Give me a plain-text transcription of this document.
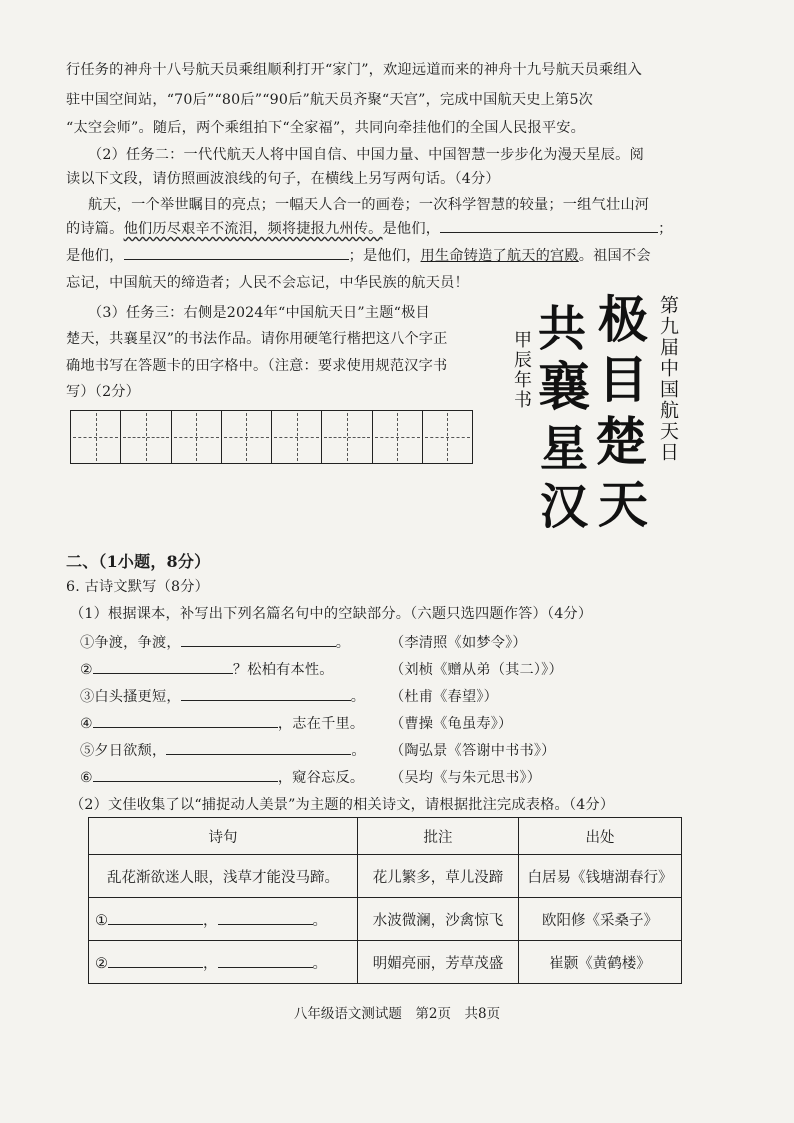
行任务的神舟十八号航天员乘组顺利打开“家门”，欢迎远道而来的神舟十九号航天员乘组入
驻中国空间站，“70后”“80后”“90后”航天员齐聚“天宫”，完成中国航天史上第5次
“太空会师”。随后，两个乘组拍下“全家福”，共同向牵挂他们的全国人民报平安。
（2）任务二：一代代航天人将中国自信、中国力量、中国智慧一步步化为漫天星辰。阅
读以下文段，请仿照画波浪线的句子，在横线上另写两句话。（4分）
航天，一个举世瞩目的亮点；一幅天人合一的画卷；一次科学智慧的较量；一组气壮山河
的诗篇。他们历尽艰辛不流泪，频将捷报九州传。是他们，	；
是他们，	；是他们，用生命铸造了航天的宫殿。祖国不会
忘记，中国航天的缔造者；人民不会忘记，中华民族的航天员！
（3）任务三：右侧是2024年“中国航天日”主题“极目
楚天，共襄星汉”的书法作品。请你用硬笔行楷把这八个字正
确地书写在答题卡的田字格中。（注意：要求使用规范汉字书
写）（2分）
极
目
楚
天
共
襄
星
汉
第九届中国航天日
甲辰年书
二、（1小题，8分）
6. 古诗文默写（8分）
（1）根据课本，补写出下列名篇名句中的空缺部分。（六题只选四题作答）（4分）
①争渡，争渡，	。	（李清照《如梦令》）
②	？松柏有本性。	（刘桢《赠从弟（其二）》）
③白头搔更短，	。 （杜甫《春望》）
④	，志在千里。 （曹操《龟虽寿》）
⑤夕日欲颓，	。 （陶弘景《答谢中书书》）
⑥	，窥谷忘反。 （吴均《与朱元思书》）
（2）文佳收集了以“捕捉动人美景”为主题的相关诗文，请根据批注完成表格。（4分）
诗句	批注	出处
乱花渐欲迷人眼，浅草才能没马蹄。	花儿繁多，草儿没蹄	白居易《钱塘湖春行》
① ， 。	水波微澜，沙禽惊飞	欧阳修《采桑子》
② ， 。	明媚亮丽，芳草茂盛	崔颢《黄鹤楼》
八年级语文测试题　第2页　共8页
